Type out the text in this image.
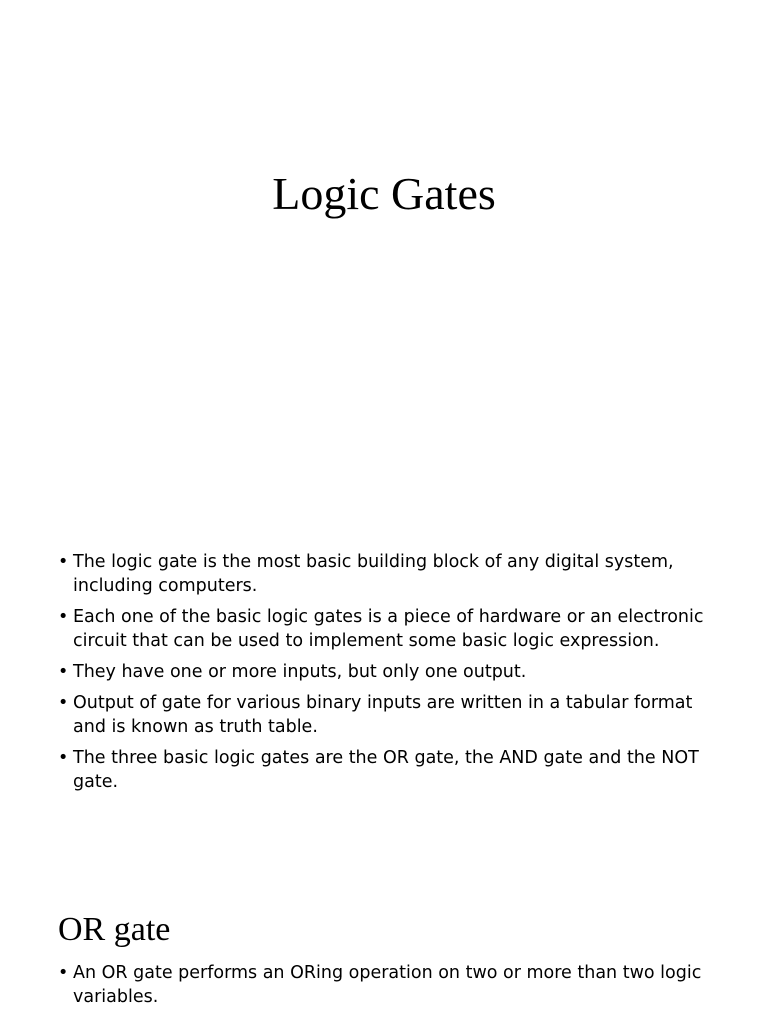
Logic Gates
• The logic gate is the most basic building block of any digital system, including computers.
• Each one of the basic logic gates is a piece of hardware or an electronic circuit that can be used to implement some basic logic expression.
• They have one or more inputs, but only one output.
• Output of gate for various binary inputs are written in a tabular format and is known as truth table.
• The three basic logic gates are the OR gate, the AND gate and the NOT gate.
OR gate
• An OR gate performs an ORing operation on two or more than two logic variables.
